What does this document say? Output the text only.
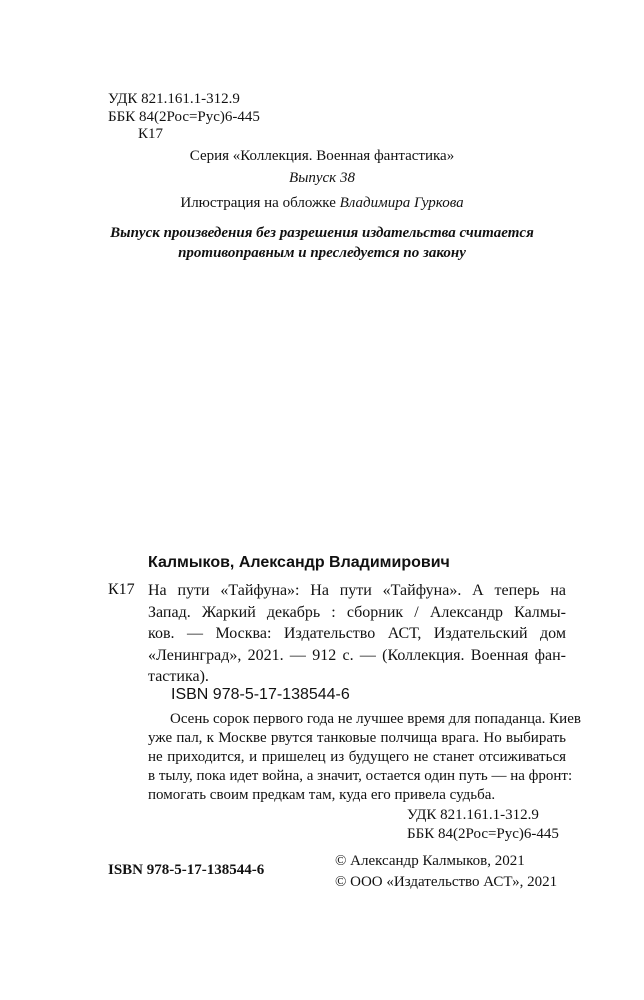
УДК 821.161.1-312.9
ББК 84(2Рос=Рус)6-445
К17
Серия «Коллекция. Военная фантастика»
Выпуск 38
Илюстрация на обложке Владимира Гуркова
Выпуск произведения без разрешения издательства считается
противоправным и преследуется по закону
Калмыков, Александр Владимирович
К17 На пути «Тайфуна»: На пути «Тайфуна». А теперь на
Запад. Жаркий декабрь : сборник / Александр Калмы-
ков. — Москва: Издательство АСТ, Издательский дом
«Ленинград», 2021. — 912 с. — (Коллекция. Военная фан-
тастика).
ISBN 978-5-17-138544-6
Осень сорок первого года не лучшее время для попаданца. Киев
уже пал, к Москве рвутся танковые полчища врага. Но выбирать
не приходится, и пришелец из будущего не станет отсиживаться
в тылу, пока идет война, а значит, остается один путь — на фронт:
помогать своим предкам там, куда его привела судьба.
УДК 821.161.1-312.9
ББК 84(2Рос=Рус)6-445
ISBN 978-5-17-138544-6
© Александр Калмыков, 2021
© ООО «Издательство АСТ», 2021
